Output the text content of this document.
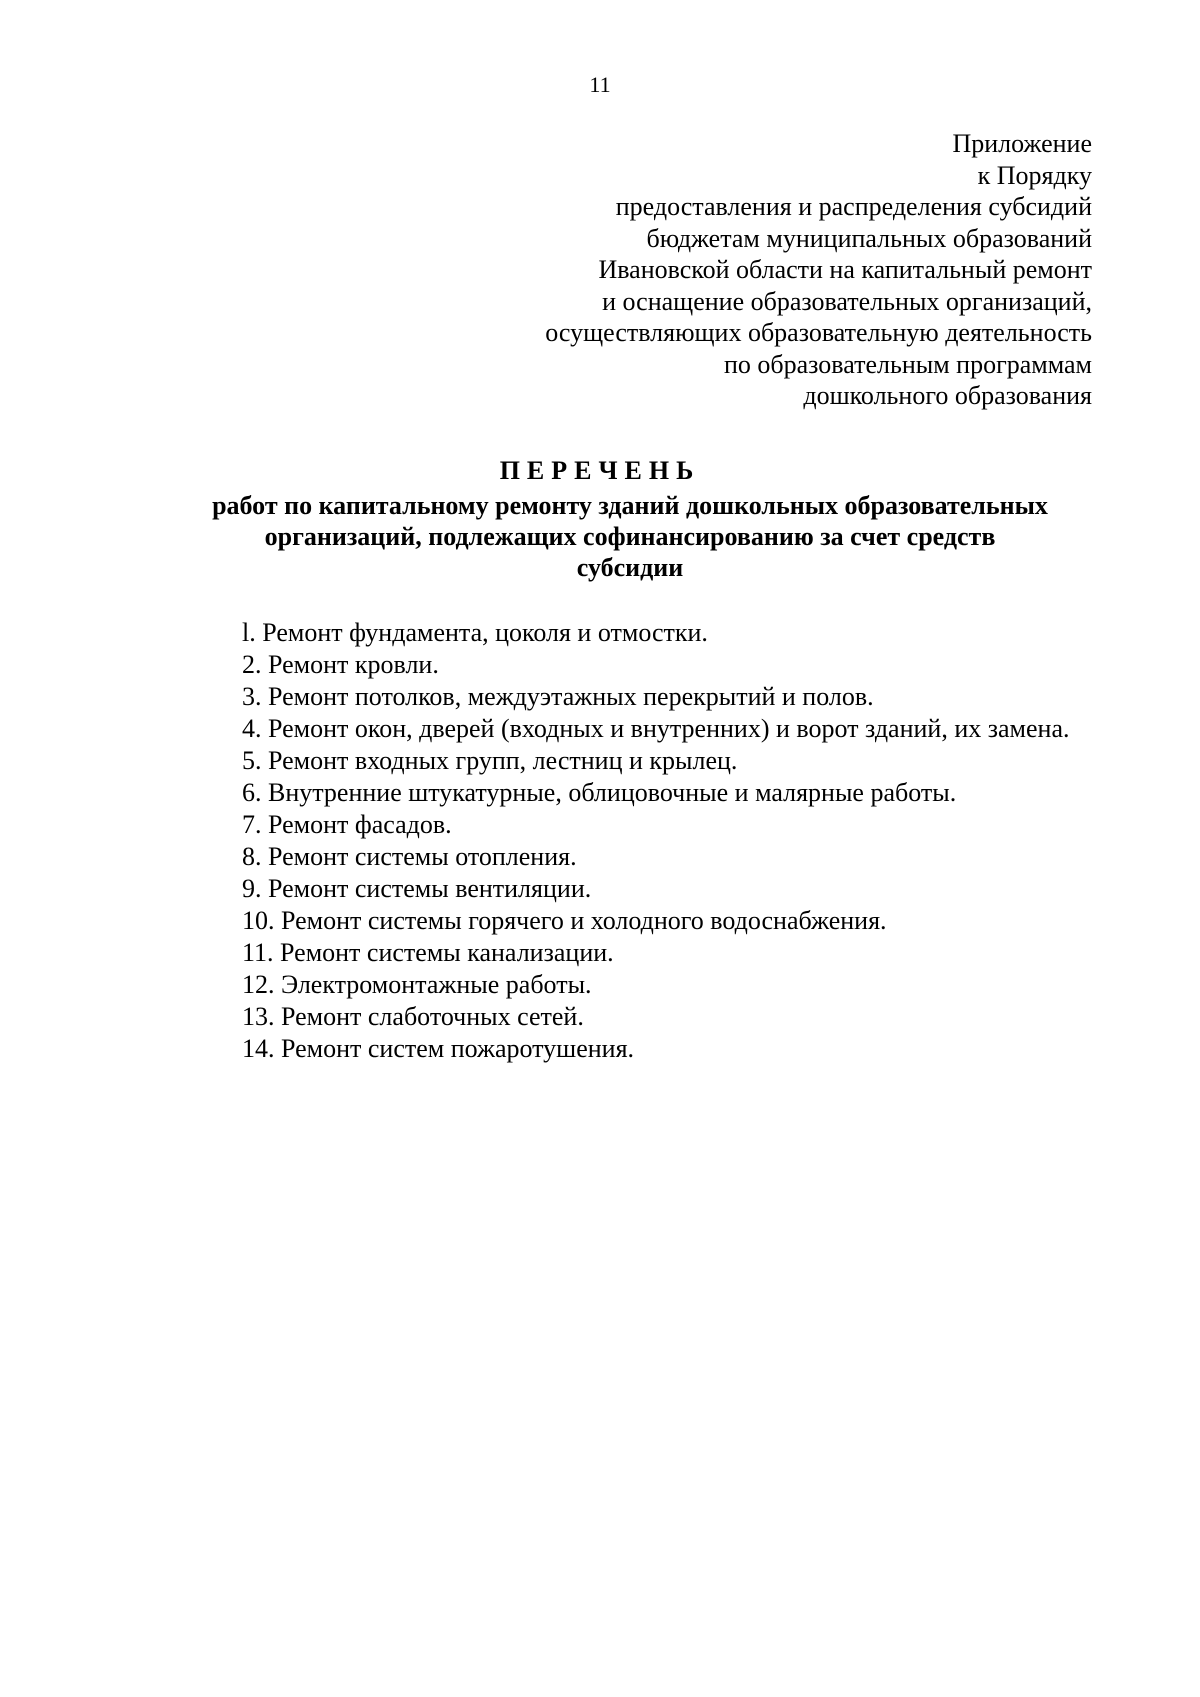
11
Приложение
к Порядку
предоставления и распределения субсидий
бюджетам муниципальных образований
Ивановской области на капитальный ремонт
и оснащение образовательных организаций,
осуществляющих образовательную деятельность
по образовательным программам
дошкольного образования
ПЕРЕЧЕНЬ
работ по капитальному ремонту зданий дошкольных образовательных
организаций, подлежащих софинансированию за счет средств
субсидии
l. Ремонт фундамента, цоколя и отмостки.
2. Ремонт кровли.
3. Ремонт потолков, междуэтажных перекрытий и полов.
4. Ремонт окон, дверей (входных и внутренних) и ворот зданий, их замена.
5. Ремонт входных групп, лестниц и крылец.
6. Внутренние штукатурные, облицовочные и малярные работы.
7. Ремонт фасадов.
8. Ремонт системы отопления.
9. Ремонт системы вентиляции.
10. Ремонт системы горячего и холодного водоснабжения.
11. Ремонт системы канализации.
12. Электромонтажные работы.
13. Ремонт слаботочных сетей.
14. Ремонт систем пожаротушения.
